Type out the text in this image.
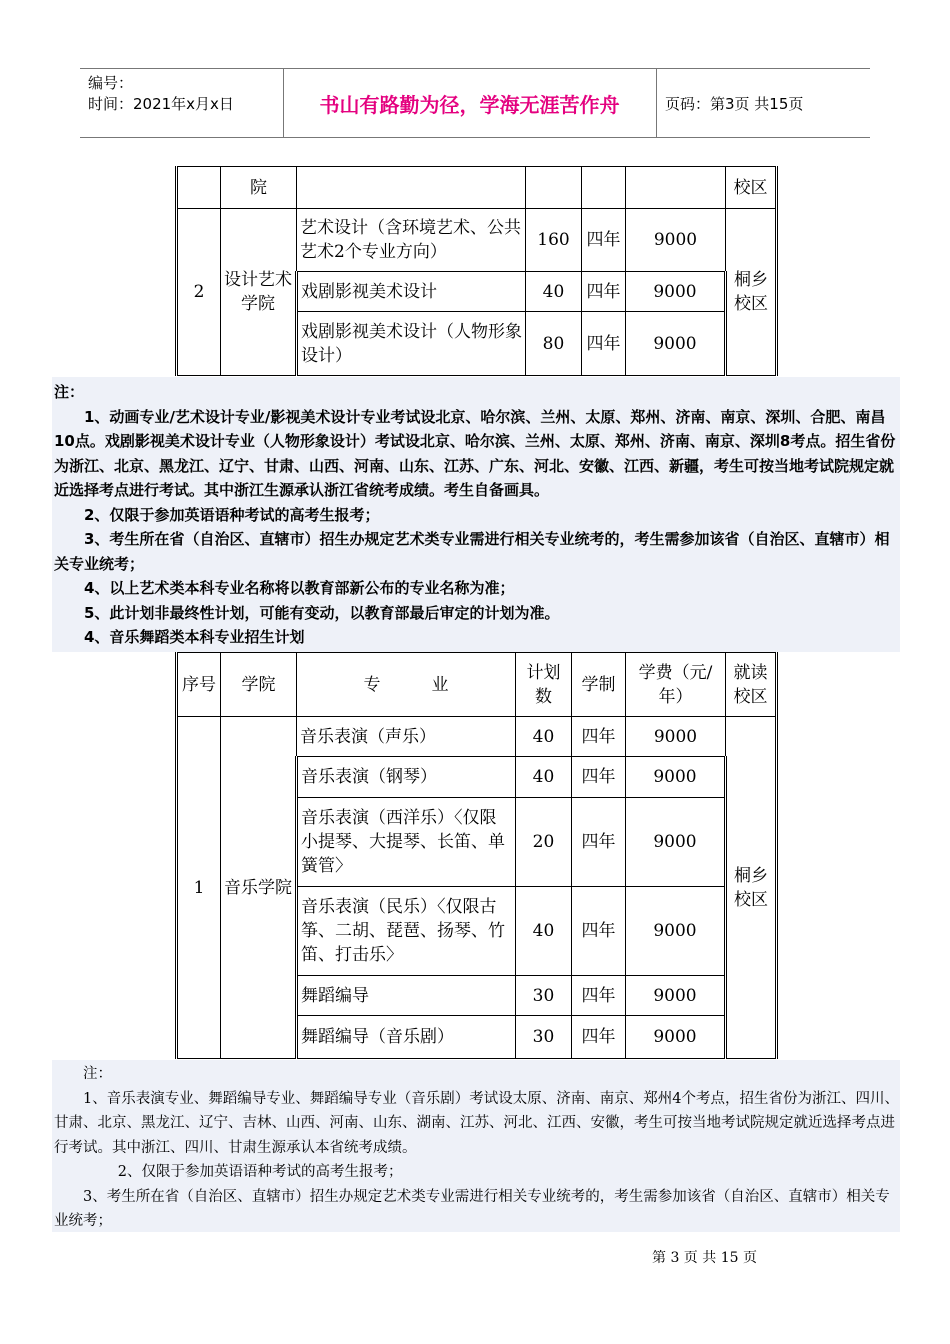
编号：
时间：2021年x月x日	书山有路勤为径，学海无涯苦作舟	页码：第3页 共15页
	院					校区
2	设计艺术学院	艺术设计（含环境艺术、公共艺术2个专业方向）	160	四年	9000	桐乡校区
		戏剧影视美术设计	40	四年	9000	
		戏剧影视美术设计（人物形象设计）	80	四年	9000	

注：

1、动画专业/艺术设计专业/影视美术设计专业考试设北京、哈尔滨、兰州、太原、郑州、济南、南京、深圳、合肥、南昌10点。戏剧影视美术设计专业（人物形象设计）考试设北京、哈尔滨、兰州、太原、郑州、济南、南京、深圳8考点。招生省份为浙江、北京、黑龙江、辽宁、甘肃、山西、河南、山东、江苏、广东、河北、安徽、江西、新疆，考生可按当地考试院规定就近选择考点进行考试。其中浙江生源承认浙江省统考成绩。考生自备画具。

2、仅限于参加英语语种考试的高考生报考；

3、考生所在省（自治区、直辖市）招生办规定艺术类专业需进行相关专业统考的，考生需参加该省（自治区、直辖市）相关专业统考；

4、以上艺术类本科专业名称将以教育部新公布的专业名称为准；

5、此计划非最终性计划，可能有变动，以教育部最后审定的计划为准。

4、音乐舞蹈类本科专业招生计划

序号	学院	专　　　业	计划数	学制	学费（元/年）	就读校区
1	音乐学院	音乐表演（声乐）	40	四年	9000	桐乡校区
		音乐表演（钢琴）	40	四年	9000	
		音乐表演（西洋乐）〈仅限小提琴、大提琴、长笛、单簧管〉	20	四年	9000	
		音乐表演（民乐）〈仅限古筝、二胡、琵琶、扬琴、竹笛、打击乐〉	40	四年	9000	
		舞蹈编导	30	四年	9000	
		舞蹈编导（音乐剧）	30	四年	9000	

注：

1、音乐表演专业、舞蹈编导专业、舞蹈编导专业（音乐剧）考试设太原、济南、南京、郑州4个考点，招生省份为浙江、四川、甘肃、北京、黑龙江、辽宁、吉林、山西、河南、山东、湖南、江苏、河北、江西、安徽，考生可按当地考试院规定就近选择考点进行考试。其中浙江、四川、甘肃生源承认本省统考成绩。

2、仅限于参加英语语种考试的高考生报考；

3、考生所在省（自治区、直辖市）招生办规定艺术类专业需进行相关专业统考的，考生需参加该省（自治区、直辖市）相关专业统考；

第 3 页 共 15 页
